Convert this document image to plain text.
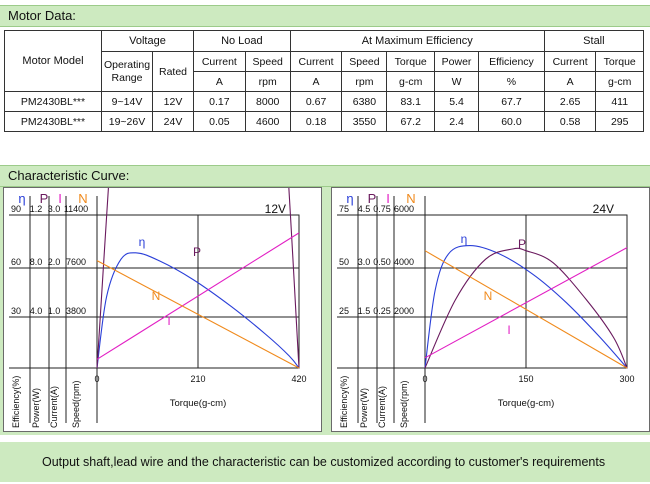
Motor Data:
Motor Model	Voltage		No Load		At Maximum Efficiency					Stall	
	Operating Range	Rated	Current	Speed	Current	Speed	Torque	Power	Efficiency	Current	Torque
			A	rpm	A	rpm	g-cm	W	%	A	g-cm
PM2430BL***	9~14V	12V	0.17	8000	0.67	6380	83.1	5.4	67.7	2.65	411
PM2430BL***	19~26V	24V	0.05	4600	0.18	3550	67.2	2.4	60.0	0.58	295
Characteristic Curve:
η P I N
90
60
30
1.2
8.0
4.0
3.0
2.0
1.0
11400
7600
3800
12V
0	210	420
Torque(g-cm)
Efficiency(%) Power(W) Current(A) Speed(rpm)
η
P
N
I
η P I N
75
50
25
4.5
3.0
1.5
0.75
0.50
0.25
6000
4000
2000
24V
0	150	300
Torque(g-cm)
Efficiency(%) Power(W) Current(A) Speed(rpm)
η	P
N
I
Output shaft,lead wire and the characteristic can be customized according to customer's requirements
